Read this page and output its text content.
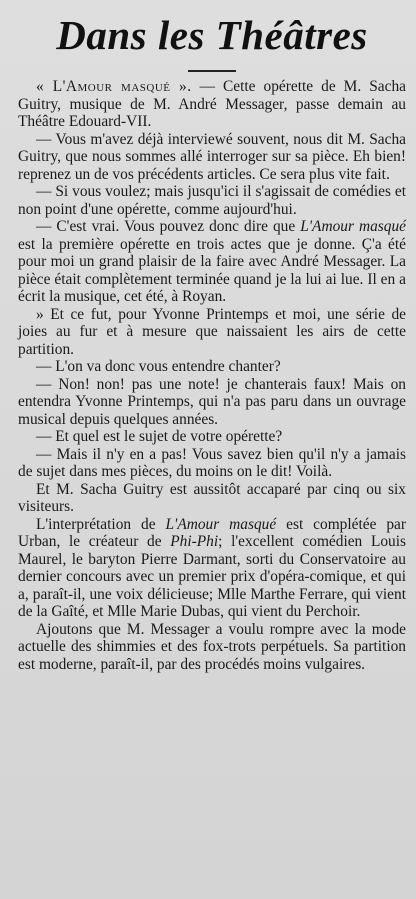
Dans les Théâtres

« L'Amour masqué ». — Cette opérette de M. Sacha Guitry, musique de M. André Messager, passe demain au Théâtre Edouard-VII.

— Vous m'avez déjà interviewé souvent, nous dit M. Sacha Guitry, que nous sommes allé interroger sur sa pièce. Eh bien! reprenez un de vos précédents articles. Ce sera plus vite fait.

— Si vous voulez; mais jusqu'ici il s'agissait de comédies et non point d'une opérette, comme aujourd'hui.

— C'est vrai. Vous pouvez donc dire que L'Amour masqué est la première opérette en trois actes que je donne. Ç'a été pour moi un grand plaisir de la faire avec André Messager. La pièce était complètement terminée quand je la lui ai lue. Il en a écrit la musique, cet été, à Royan.

» Et ce fut, pour Yvonne Printemps et moi, une série de joies au fur et à mesure que naissaient les airs de cette partition.

— L'on va donc vous entendre chanter?

— Non! non! pas une note! je chanterais faux! Mais on entendra Yvonne Printemps, qui n'a pas paru dans un ouvrage musical depuis quelques années.

— Et quel est le sujet de votre opérette?

— Mais il n'y en a pas! Vous savez bien qu'il n'y a jamais de sujet dans mes pièces, du moins on le dit! Voilà.

Et M. Sacha Guitry est aussitôt accaparé par cinq ou six visiteurs.

L'interprétation de L'Amour masqué est complétée par Urban, le créateur de Phi-Phi; l'excellent comédien Louis Maurel, le baryton Pierre Darmant, sorti du Conservatoire au dernier concours avec un premier prix d'opéra-comique, et qui a, paraît-il, une voix délicieuse; Mlle Marthe Ferrare, qui vient de la Gaîté, et Mlle Marie Dubas, qui vient du Perchoir.

Ajoutons que M. Messager a voulu rompre avec la mode actuelle des shimmies et des fox-trots perpétuels. Sa partition est moderne, paraît-il, par des procédés moins vulgaires.
